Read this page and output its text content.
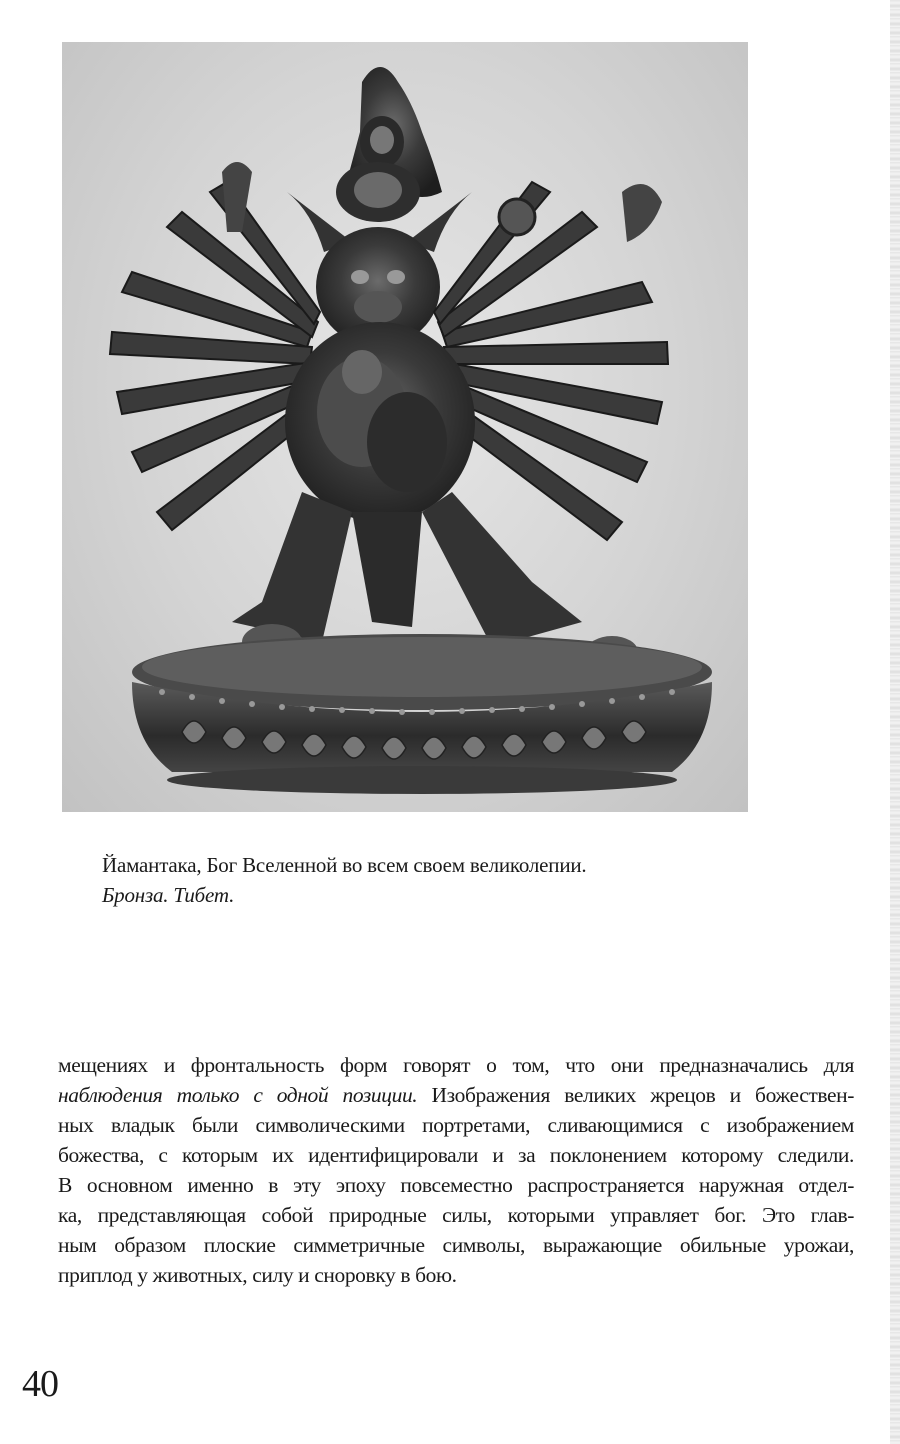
Йамантака, Бог Вселенной во всем своем великолепии.
Бронза. Тибет.
мещениях и фронтальность форм говорят о том, что они предназначались для
наблюдения только с одной позиции. Изображения великих жрецов и божествен-
ных владык были символическими портретами, сливающимися с изображением
божества, с которым их идентифицировали и за поклонением которому следили.
В основном именно в эту эпоху повсеместно распространяется наружная отдел-
ка, представляющая собой природные силы, которыми управляет бог. Это глав-
ным образом плоские симметричные символы, выражающие обильные урожаи,
приплод у животных, силу и сноровку в бою.
40
